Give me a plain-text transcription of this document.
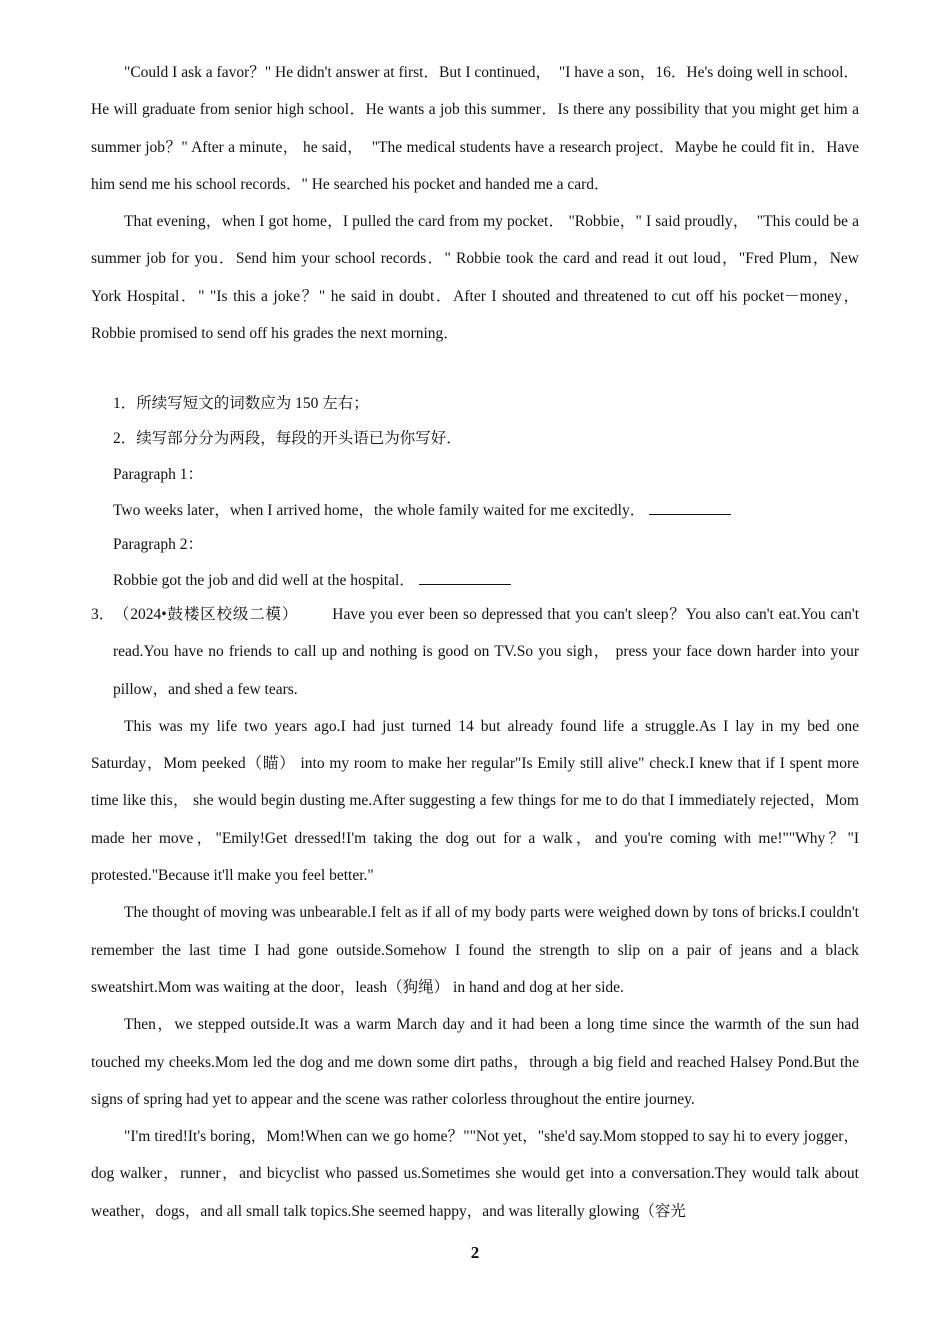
"Could I ask a favor？" He didn't answer at first．But I continued，  "I have a son，16．He's doing well in school．He will graduate from senior high school．He wants a job this summer．Is there any possibility that you might get him a summer job？" After a minute， he said，  "The medical students have a research project．Maybe he could fit in．Have him send me his school records．" He searched his pocket and handed me a card．

That evening，when I got home，I pulled the card from my pocket． "Robbie，" I said proudly，  "This could be a summer job for you．Send him your school records．" Robbie took the card and read it out loud，"Fred Plum，New York Hospital．" "Is this a joke？" he said in doubt．After I shouted and threatened to cut off his pocket－money，Robbie promised to send off his grades the next morning．

1．所续写短文的词数应为 150 左右；
2．续写部分分为两段，每段的开头语已为你写好．
Paragraph 1：
Two weeks later，when I arrived home，the whole family waited for me excitedly．
Paragraph 2：
Robbie got the job and did well at the hospital．

3．（2024•鼓楼区校级二模） Have you ever been so depressed that you can't sleep？You also can't eat.You can't read.You have no friends to call up and nothing is good on TV.So you sigh， press your face down harder into your pillow，and shed a few tears.

This was my life two years ago.I had just turned 14 but already found life a struggle.As I lay in my bed one Saturday，Mom peeked（瞄） into my room to make her regular"Is Emily still alive" check.I knew that if I spent more time like this， she would begin dusting me.After suggesting a few things for me to do that I immediately rejected，Mom made her move，"Emily!Get dressed!I'm taking the dog out for a walk，and you're coming with me!""Why？"I protested."Because it'll make you feel better."

The thought of moving was unbearable.I felt as if all of my body parts were weighed down by tons of bricks.I couldn't remember the last time I had gone outside.Somehow I found the strength to slip on a pair of jeans and a black sweatshirt.Mom was waiting at the door，leash（狗绳） in hand and dog at her side.

Then，we stepped outside.It was a warm March day and it had been a long time since the warmth of the sun had touched my cheeks.Mom led the dog and me down some dirt paths，through a big field and reached Halsey Pond.But the signs of spring had yet to appear and the scene was rather colorless throughout the entire journey.

"I'm tired!It's boring，Mom!When can we go home？""Not yet，"she'd say.Mom stopped to say hi to every jogger，dog walker，runner，and bicyclist who passed us.Sometimes she would get into a conversation.They would talk about weather，dogs，and all small talk topics.She seemed happy，and was literally glowing（容光

2
